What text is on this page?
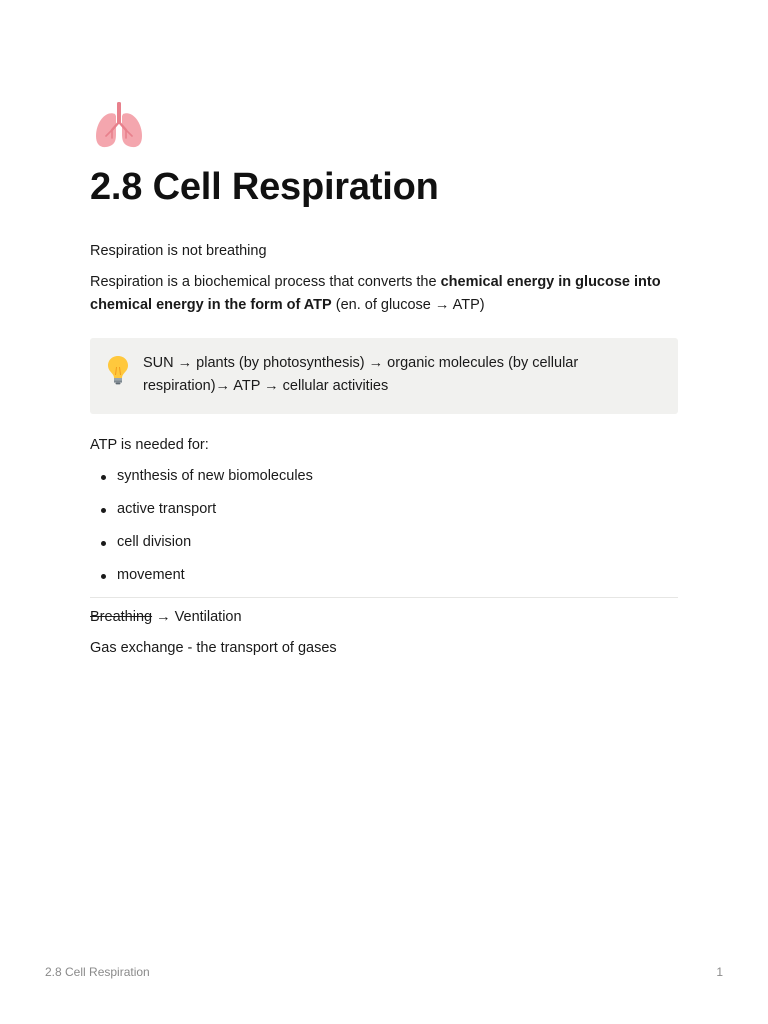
2.8 Cell Respiration

Respiration is not breathing

Respiration is a biochemical process that converts the chemical energy in glucose into chemical energy in the form of ATP (en. of glucose → ATP)

SUN → plants (by photosynthesis) → organic molecules (by cellular respiration)→ ATP → cellular activities

ATP is needed for:

synthesis of new biomolecules
active transport
cell division
movement

Breathing → Ventilation

Gas exchange - the transport of gases

2.8 Cell Respiration	1
